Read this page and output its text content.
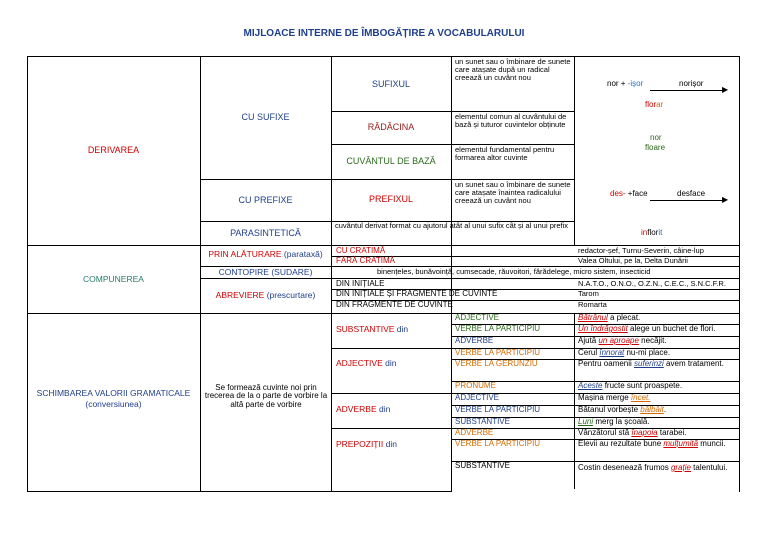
MIJLOACE INTERNE DE ÎMBOGĂȚIRE A VOCABULARULUI
DERIVAREA
CU SUFIXE
CU PREFIXE
PARASINTETICĂ
SUFIXUL
RĂDĂCINA
CUVÂNTUL DE BAZĂ
PREFIXUL
un sunet sau o îmbinare de sunete care atașate după un radical creează un cuvânt nou
elementul comun al cuvântului de bază și tuturor cuvintelor obținute
elementul fundamental pentru formarea altor cuvinte
un sunet sau o îmbinare de sunete care atașate înaintea radicalului creează un cuvânt nou
cuvântul derivat format cu ajutorul atât al unui sufix cât și al unui prefix
nor + -ișor	norișor
▶
florar
nor
floare
des- +face	desface
▶
inflorit
COMPUNEREA
PRIN ALĂTURARE (parataxă)
CONTOPIRE (SUDARE)
ABREVIERE (prescurtare)
CU CRATIMĂ
FĂRĂ CRATIMĂ
redactor-șef, Turnu-Severin, câine-lup
Valea Oltului, pe la, Delta Dunării
binențeles, bunăvoință, cumsecade, răuvoitori, fărădelege, micro sistem, insecticid
DIN INIȚIALE
DIN INIȚIALE ȘI FRAGMENTE DE CUVINTE
DIN FRAGMENTE DE CUVINTE
N.A.T.O., O.N.O., O.Z.N., C.E.C., S.N.C.F.R.
Tarom
Romarta
SCHIMBAREA VALORII GRAMATICALE
(conversiunea)
Se formează cuvinte noi prin trecerea de la o parte de vorbire la altă parte de vorbire
SUBSTANTIVE din
ADJECTIVE din
ADVERBE din
PREPOZIȚII din
ADJECTIVE
VERBE LA PARTICIPIU
ADVERBE
VERBE LA PARTICIPIU
VERBE LA GERUNZIU
PRONUME
ADJECTIVE
VERBE LA PARTICIPIU
SUBSTANTIVE
ADVERBE
VERBE LA PARTICIPIU
SUBSTANTIVE
Bătrânul a plecat.
Un îndrăgostit alege un buchet de flori.
Ajută un aproape necăjit.
Cerul înnorat nu-mi place.
Pentru oamenii suferinzi avem tratament.
Aceste fructe sunt proaspete.
Mașina merge încet.
Bătanul vorbește bâlbâit.
Luni merg la școală.
Vânzătorul stă înapoia tarabei.
Elevii au rezultate bune mulțumită muncii.
Costin desenează frumos grație talentului.
